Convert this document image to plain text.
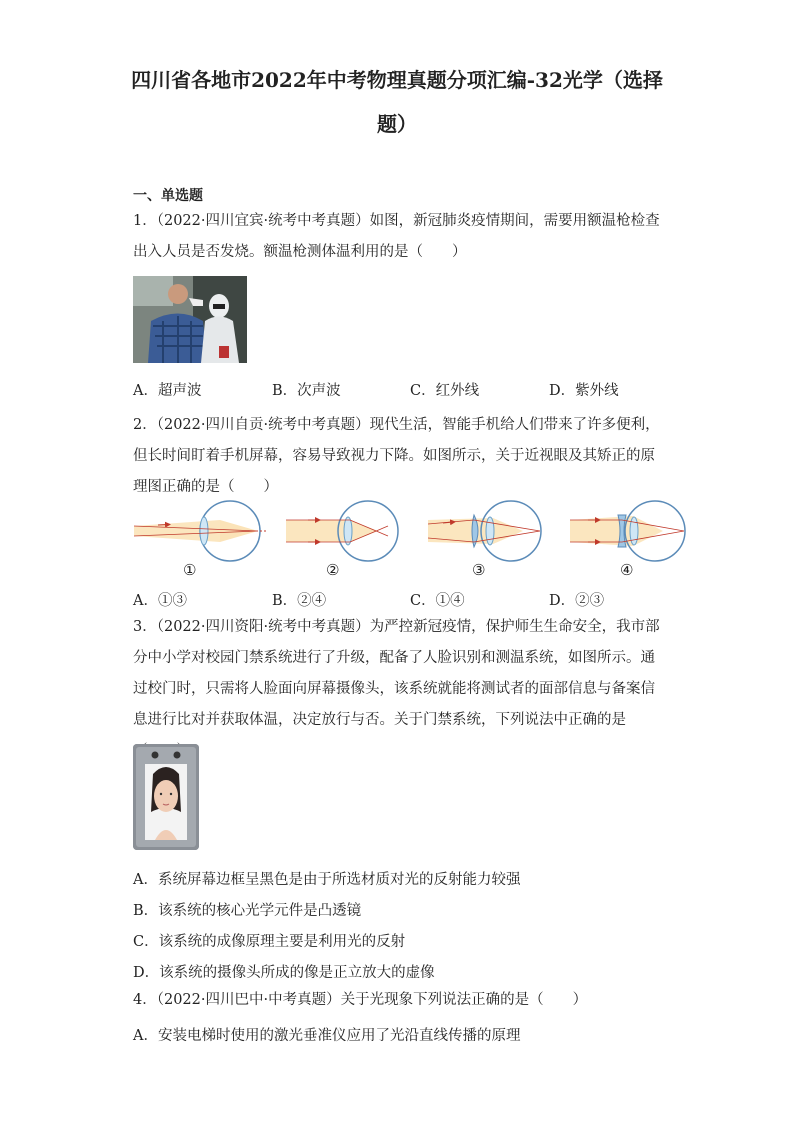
四川省各地市2022年中考物理真题分项汇编-32光学（选择
题）
一、单选题
1．（2022·四川宜宾·统考中考真题）如图，新冠肺炎疫情期间，需要用额温枪检查出入人员是否发烧。额温枪测体温利用的是（　　）
A．超声波	B．次声波	C．红外线	D．紫外线
2．（2022·四川自贡·统考中考真题）现代生活，智能手机给人们带来了许多便利，但长时间盯着手机屏幕，容易导致视力下降。如图所示，关于近视眼及其矫正的原理图正确的是（　　）
①	②	③	④
A．①③	B．②④	C．①④	D．②③
3．（2022·四川资阳·统考中考真题）为严控新冠疫情，保护师生生命安全，我市部分中小学对校园门禁系统进行了升级，配备了人脸识别和测温系统，如图所示。通过校门时，只需将人脸面向屏幕摄像头，该系统就能将测试者的面部信息与备案信息进行比对并获取体温，决定放行与否。关于门禁系统，下列说法中正确的是　　
A．系统屏幕边框呈黑色是由于所选材质对光的反射能力较强
B．该系统的核心光学元件是凸透镜
C．该系统的成像原理主要是利用光的反射
D．该系统的摄像头所成的像是正立放大的虚像
4．（2022·四川巴中·中考真题）关于光现象下列说法正确的是（　　）
A．安装电梯时使用的激光垂准仪应用了光沿直线传播的原理
